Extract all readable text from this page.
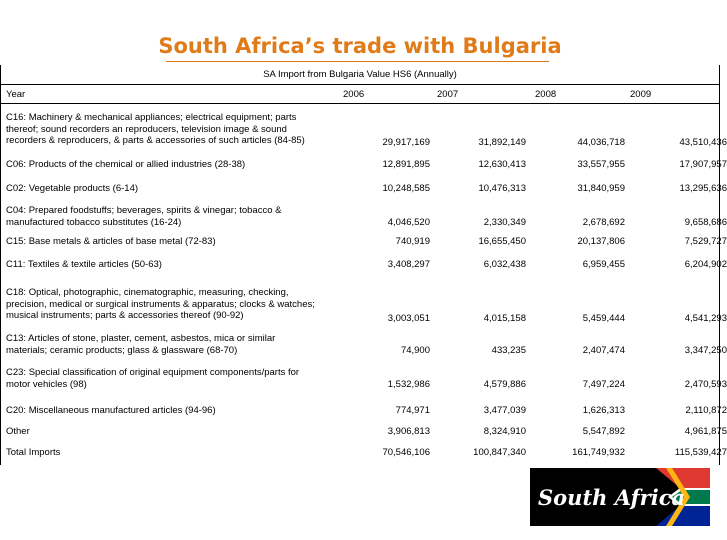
South Africa’s trade with Bulgaria
SA Import from Bulgaria Value HS6 (Annually)
Year	2006	2007	2008	2009
C16: Machinery & mechanical appliances; electrical equipment; parts thereof; sound recorders an reproducers, television image & sound recorders & reproducers, & parts & accessories of such articles (84-85)	29,917,169	31,892,149	44,036,718	43,510,436
C06: Products of the chemical or allied industries (28-38)	12,891,895	12,630,413	33,557,955	17,907,957
C02: Vegetable products (6-14)	10,248,585	10,476,313	31,840,959	13,295,636
C04: Prepared foodstuffs; beverages, spirits & vinegar; tobacco & manufactured tobacco substitutes (16-24)	4,046,520	2,330,349	2,678,692	9,658,686
C15: Base metals & articles of base metal (72-83)	740,919	16,655,450	20,137,806	7,529,727
C11: Textiles & textile articles (50-63)	3,408,297	6,032,438	6,959,455	6,204,902
C18: Optical, photographic, cinematographic, measuring, checking, precision, medical or surgical instruments & apparatus; clocks & watches; musical instruments; parts & accessories thereof (90-92)	3,003,051	4,015,158	5,459,444	4,541,293
C13: Articles of stone, plaster, cement, asbestos, mica or similar materials; ceramic products; glass & glassware (68-70)	74,900	433,235	2,407,474	3,347,250
C23: Special classification of original equipment components/parts for motor vehicles (98)	1,532,986	4,579,886	7,497,224	2,470,593
C20: Miscellaneous manufactured articles (94-96)	774,971	3,477,039	1,626,313	2,110,872
Other	3,906,813	8,324,910	5,547,892	4,961,875
Total Imports	70,546,106	100,847,340	161,749,932	115,539,427
South Africa
